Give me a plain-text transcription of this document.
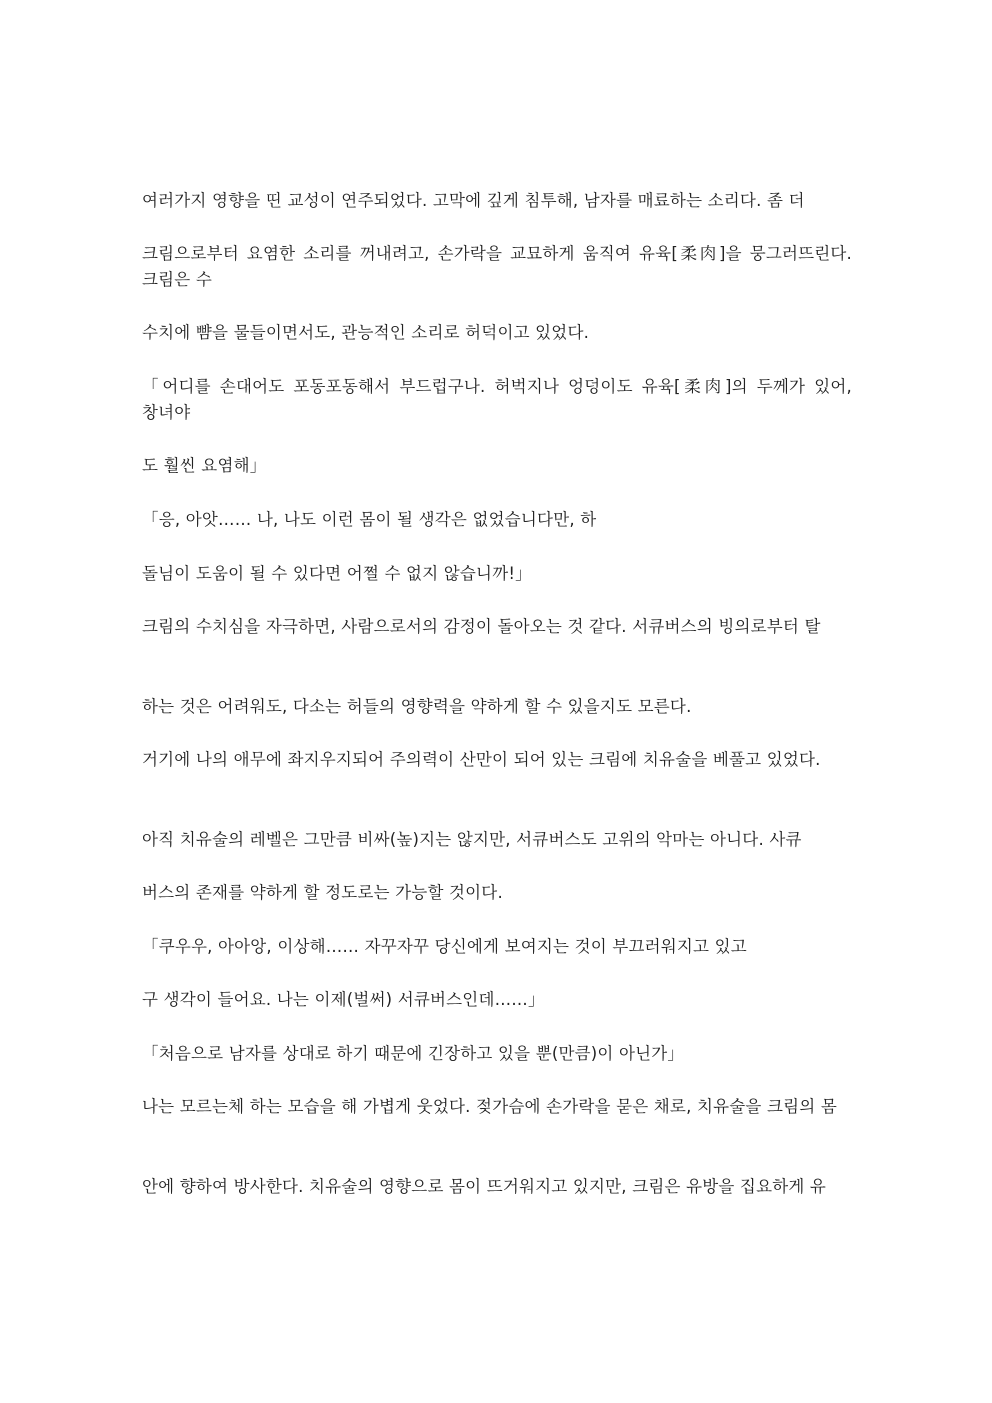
여러가지 영향을 띤 교성이 연주되었다. 고막에 깊게 침투해, 남자를 매료하는 소리다. 좀 더

크림으로부터 요염한 소리를 꺼내려고, 손가락을 교묘하게 움직여 유육[柔肉]을 뭉그러뜨린다. 크림은 수

수치에 뺨을 물들이면서도, 관능적인 소리로 허덕이고 있었다.

「어디를 손대어도 포동포동해서 부드럽구나. 허벅지나 엉덩이도 유육[柔肉]의 두께가 있어, 창녀야

도 훨씬 요염해」

「응, 아앗…… 나, 나도 이런 몸이 될 생각은 없었습니다만, 하

돌님이 도움이 될 수 있다면 어쩔 수 없지 않습니까!」

크림의 수치심을 자극하면, 사람으로서의 감정이 돌아오는 것 같다. 서큐버스의 빙의로부터 탈

하는 것은 어려워도, 다소는 허들의 영향력을 약하게 할 수 있을지도 모른다.

거기에 나의 애무에 좌지우지되어 주의력이 산만이 되어 있는 크림에 치유술을 베풀고 있었다.

아직 치유술의 레벨은 그만큼 비싸(높)지는 않지만, 서큐버스도 고위의 악마는 아니다. 사큐

버스의 존재를 약하게 할 정도로는 가능할 것이다.

「쿠우우, 아아앙, 이상해…… 자꾸자꾸 당신에게 보여지는 것이 부끄러워지고 있고

구 생각이 들어요. 나는 이제(벌써) 서큐버스인데……」

「처음으로 남자를 상대로 하기 때문에 긴장하고 있을 뿐(만큼)이 아닌가」

나는 모르는체 하는 모습을 해 가볍게 웃었다. 젖가슴에 손가락을 묻은 채로, 치유술을 크림의 몸

안에 향하여 방사한다. 치유술의 영향으로 몸이 뜨거워지고 있지만, 크림은 유방을 집요하게 유
